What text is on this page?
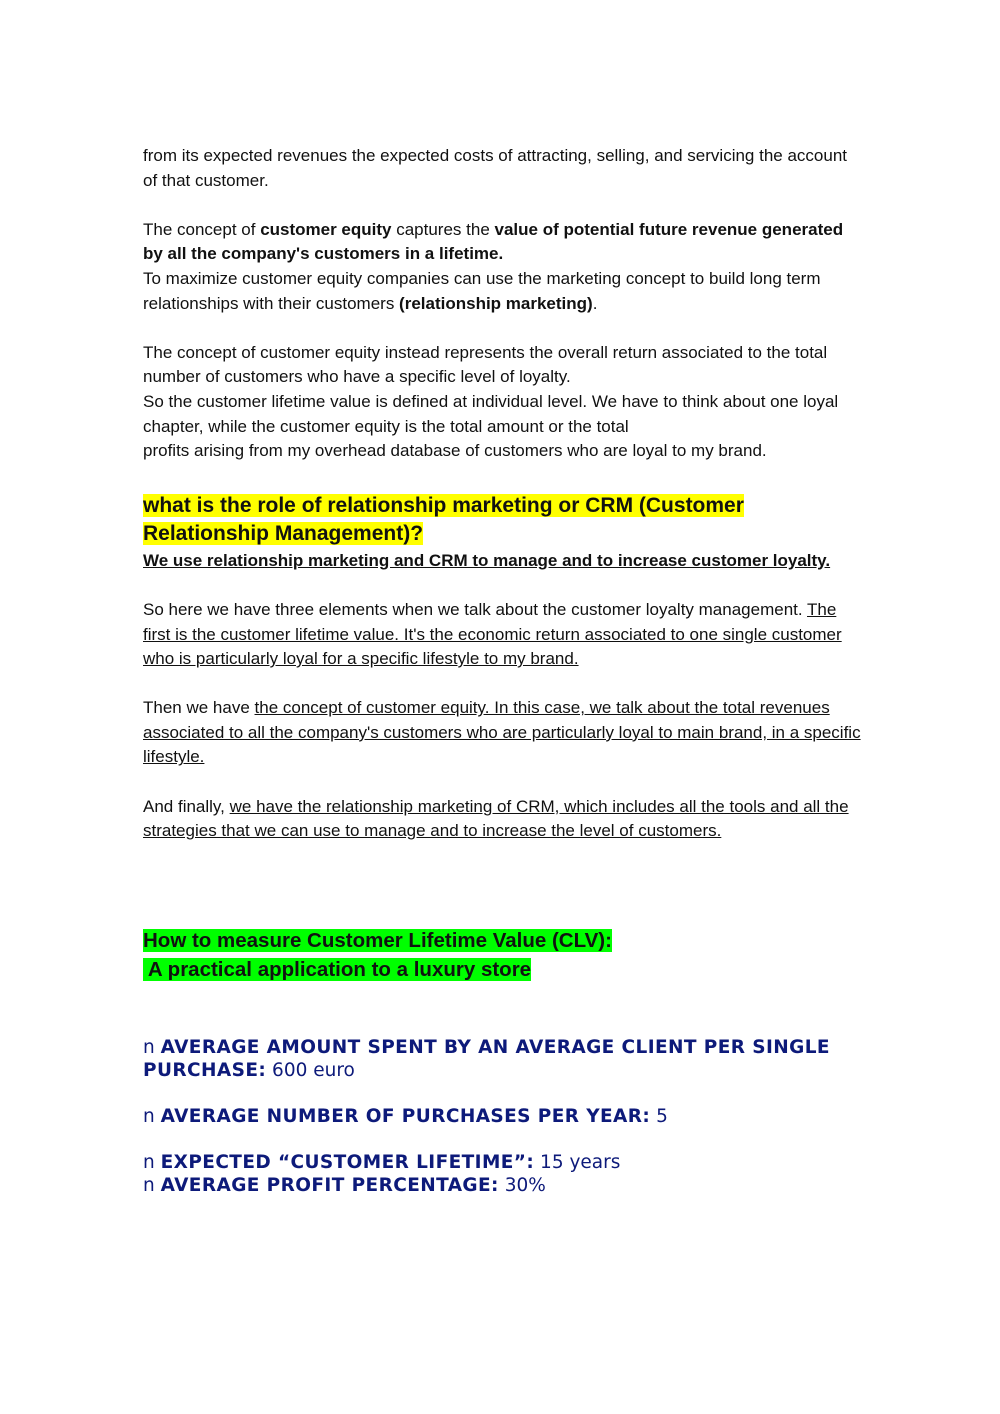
from its expected revenues the expected costs of attracting, selling, and servicing the account of that customer.

The concept of customer equity captures the value of potential future revenue generated by all the company's customers in a lifetime.

To maximize customer equity companies can use the marketing concept to build long term relationships with their customers (relationship marketing).

The concept of customer equity instead represents the overall return associated to the total number of customers who have a specific level of loyalty.

So the customer lifetime value is defined at individual level. We have to think about one loyal chapter, while the customer equity is the total amount or the total

profits arising from my overhead database of customers who are loyal to my brand.

what is the role of relationship marketing or CRM (Customer Relationship Management)?

We use relationship marketing and CRM to manage and to increase customer loyalty.

So here we have three elements when we talk about the customer loyalty management. The first is the customer lifetime value. It's the economic return associated to one single customer who is particularly loyal for a specific lifestyle to my brand.

Then we have the concept of customer equity. In this case, we talk about the total revenues associated to all the company's customers who are particularly loyal to main brand, in a specific lifestyle.

And finally, we have the relationship marketing of CRM, which includes all the tools and all the strategies that we can use to manage and to increase the level of customers.

How to measure Customer Lifetime Value (CLV):

A practical application to a luxury store

n AVERAGE AMOUNT SPENT BY AN AVERAGE CLIENT PER SINGLE PURCHASE: 600 euro

n AVERAGE NUMBER OF PURCHASES PER YEAR: 5

n EXPECTED “CUSTOMER LIFETIME”: 15 years

n AVERAGE PROFIT PERCENTAGE: 30%
